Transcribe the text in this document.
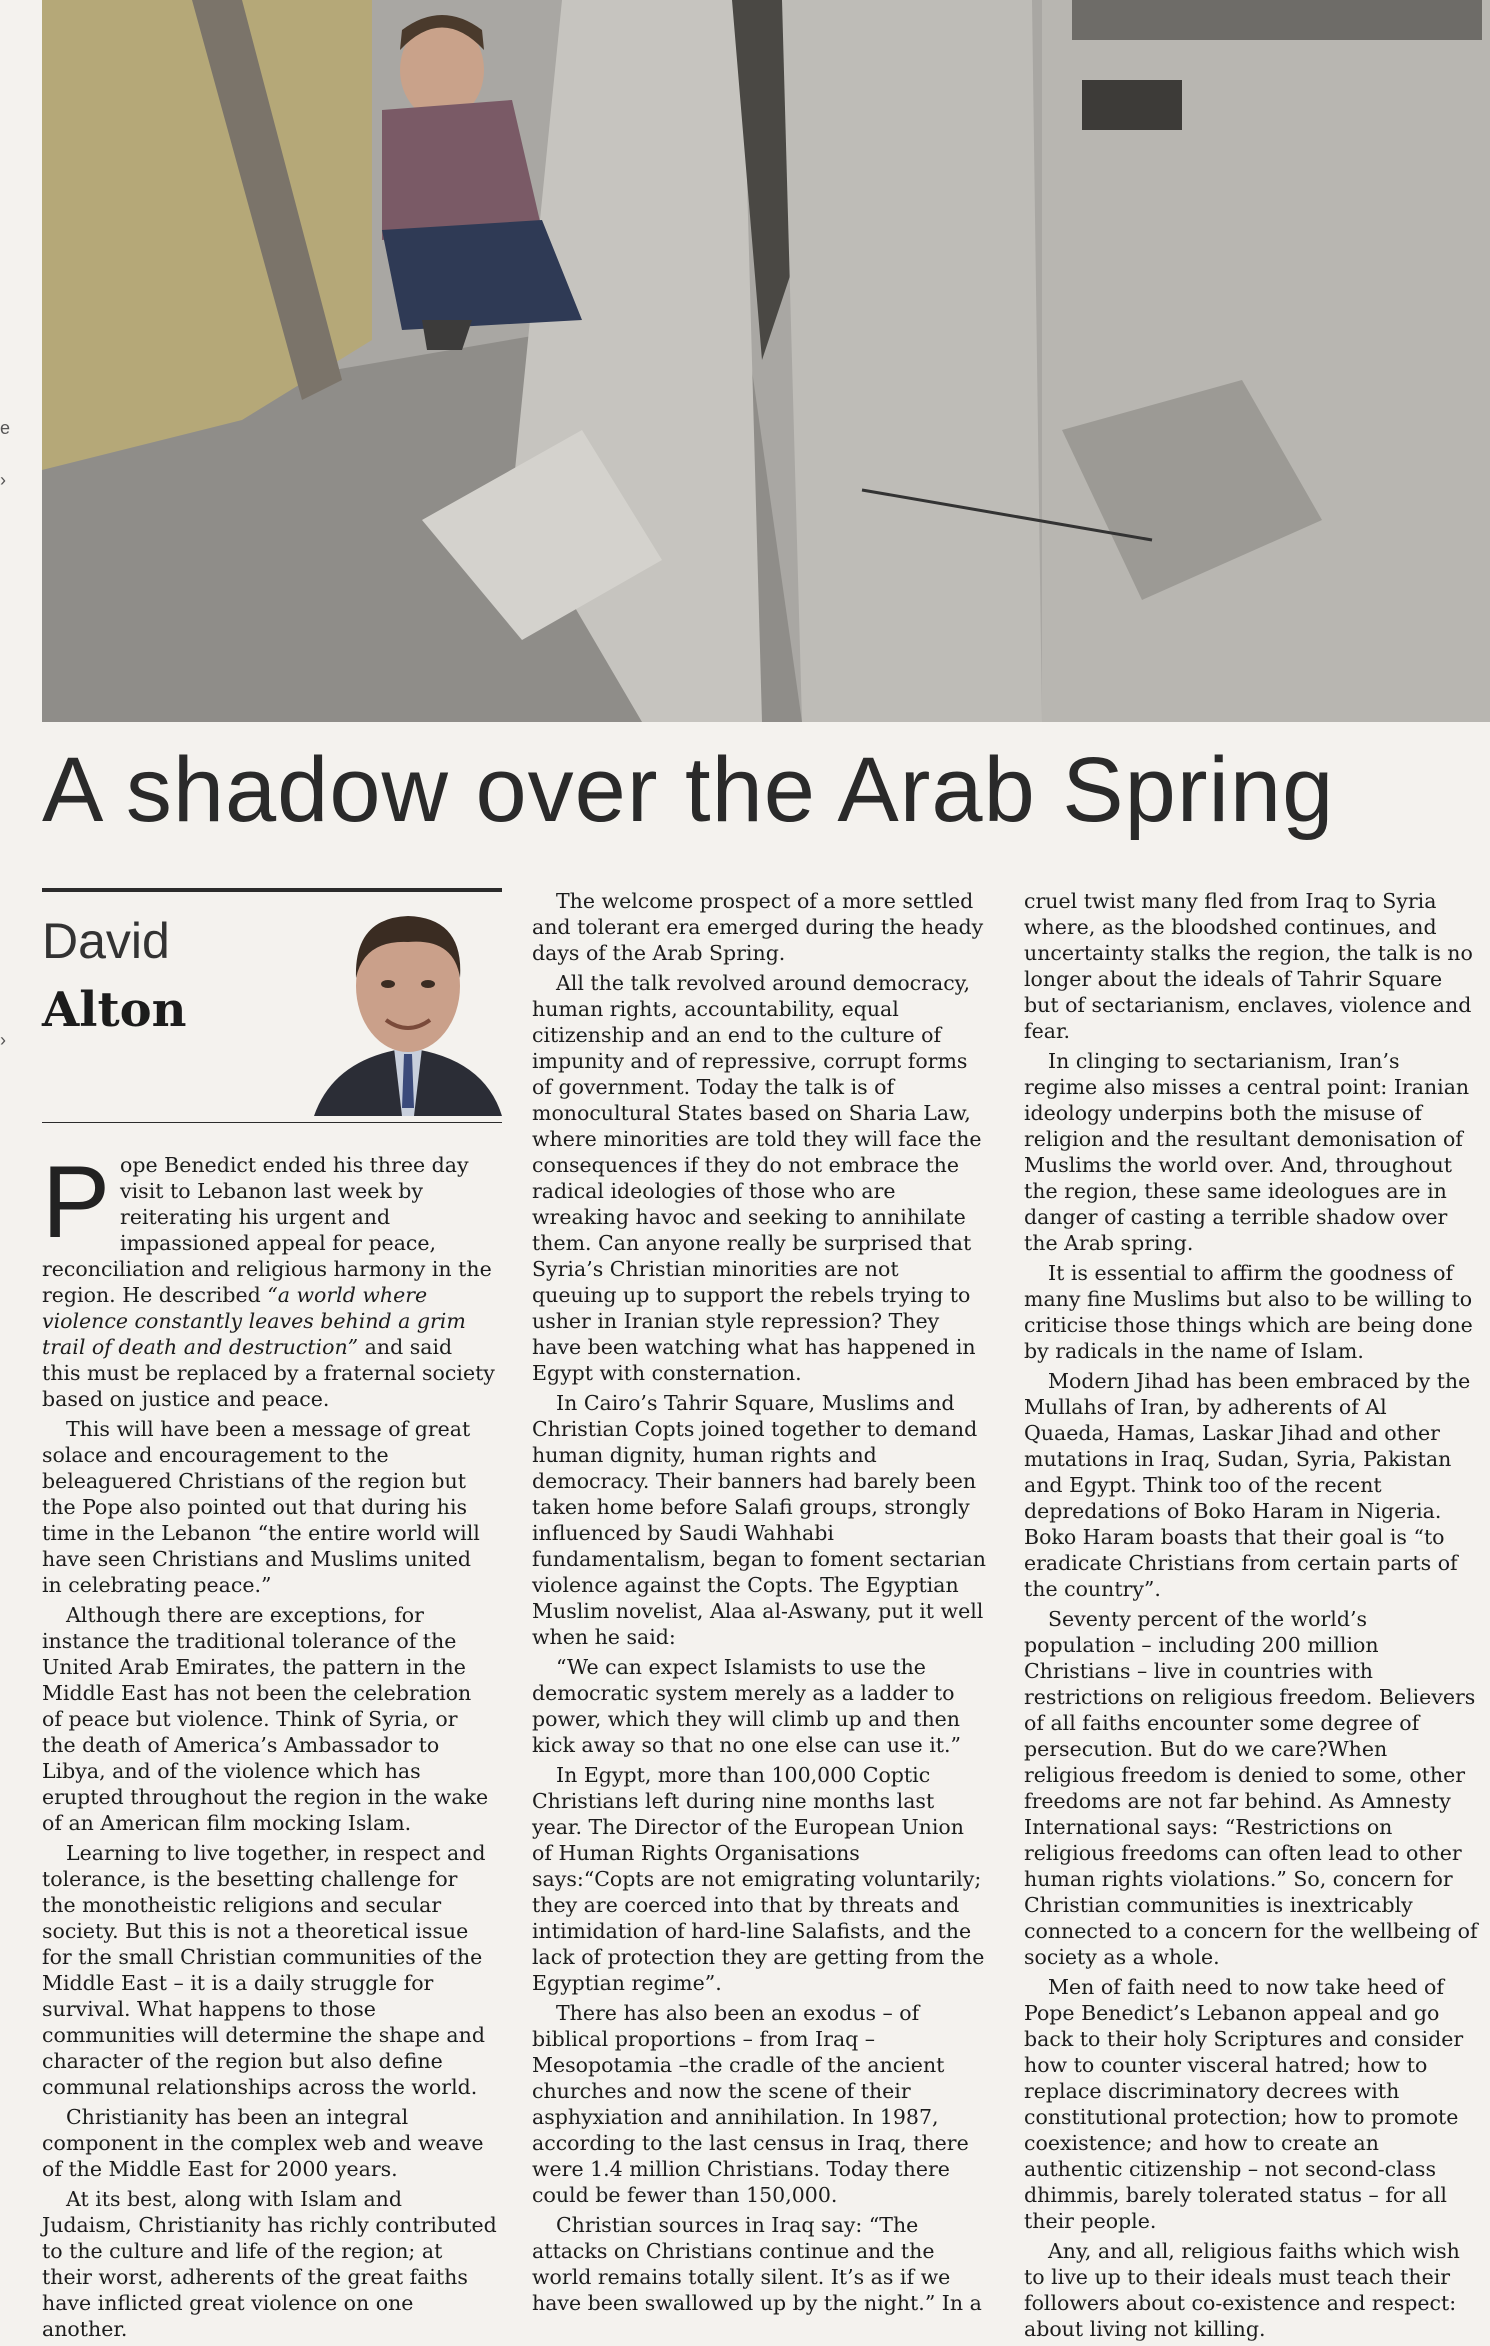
e
›
›
A shadow over the Arab Spring
David
Alton

Pope Benedict ended his three day visit to Lebanon last week by reiterating his urgent and impassioned appeal for peace, reconciliation and religious harmony in the region. He described “a world where violence constantly leaves behind a grim trail of death and destruction” and said this must be replaced by a fraternal society based on justice and peace.

This will have been a message of great solace and encouragement to the beleaguered Christians of the region but the Pope also pointed out that during his time in the Lebanon “the entire world will have seen Christians and Muslims united in celebrating peace.”

Although there are exceptions, for instance the traditional tolerance of the United Arab Emirates, the pattern in the Middle East has not been the celebration of peace but violence. Think of Syria, or the death of America’s Ambassador to Libya, and of the violence which has erupted throughout the region in the wake of an American film mocking Islam.

Learning to live together, in respect and tolerance, is the besetting challenge for the monotheistic religions and secular society. But this is not a theoretical issue for the small Christian communities of the Middle East – it is a daily struggle for survival. What happens to those communities will determine the shape and character of the region but also define communal relationships across the world.

Christianity has been an integral component in the complex web and weave of the Middle East for 2000 years.

At its best, along with Islam and Judaism, Christianity has richly contributed to the culture and life of the region; at their worst, adherents of the great faiths have inflicted great violence on one another.

The welcome prospect of a more settled and tolerant era emerged during the heady days of the Arab Spring.

All the talk revolved around democracy, human rights, accountability, equal citizenship and an end to the culture of impunity and of repressive, corrupt forms of government. Today the talk is of monocultural States based on Sharia Law, where minorities are told they will face the consequences if they do not embrace the radical ideologies of those who are wreaking havoc and seeking to annihilate them. Can anyone really be surprised that Syria’s Christian minorities are not queuing up to support the rebels trying to usher in Iranian style repression? They have been watching what has happened in Egypt with consternation.

In Cairo’s Tahrir Square, Muslims and Christian Copts joined together to demand human dignity, human rights and democracy. Their banners had barely been taken home before Salafi groups, strongly influenced by Saudi Wahhabi fundamentalism, began to foment sectarian violence against the Copts. The Egyptian Muslim novelist, Alaa al-Aswany, put it well when he said:

“We can expect Islamists to use the democratic system merely as a ladder to power, which they will climb up and then kick away so that no one else can use it.”

In Egypt, more than 100,000 Coptic Christians left during nine months last year. The Director of the European Union of Human Rights Organisations says:“Copts are not emigrating voluntarily; they are coerced into that by threats and intimidation of hard-line Salafists, and the lack of protection they are getting from the Egyptian regime”.

There has also been an exodus – of biblical proportions – from Iraq – Mesopotamia –the cradle of the ancient churches and now the scene of their asphyxiation and annihilation. In 1987, according to the last census in Iraq, there were 1.4 million Christians. Today there could be fewer than 150,000.

Christian sources in Iraq say: “The attacks on Christians continue and the world remains totally silent. It’s as if we have been swallowed up by the night.” In a

cruel twist many fled from Iraq to Syria where, as the bloodshed continues, and uncertainty stalks the region, the talk is no longer about the ideals of Tahrir Square but of sectarianism, enclaves, violence and fear.

In clinging to sectarianism, Iran’s regime also misses a central point: Iranian ideology underpins both the misuse of religion and the resultant demonisation of Muslims the world over. And, throughout the region, these same ideologues are in danger of casting a terrible shadow over the Arab spring.

It is essential to affirm the goodness of many fine Muslims but also to be willing to criticise those things which are being done by radicals in the name of Islam.

Modern Jihad has been embraced by the Mullahs of Iran, by adherents of Al Quaeda, Hamas, Laskar Jihad and other mutations in Iraq, Sudan, Syria, Pakistan and Egypt. Think too of the recent depredations of Boko Haram in Nigeria. Boko Haram boasts that their goal is “to eradicate Christians from certain parts of the country”.

Seventy percent of the world’s population – including 200 million Christians – live in countries with restrictions on religious freedom. Believers of all faiths encounter some degree of persecution. But do we care?When religious freedom is denied to some, other freedoms are not far behind. As Amnesty International says: “Restrictions on religious freedoms can often lead to other human rights violations.” So, concern for Christian communities is inextricably connected to a concern for the wellbeing of society as a whole.

Men of faith need to now take heed of Pope Benedict’s Lebanon appeal and go back to their holy Scriptures and consider how to counter visceral hatred; how to replace discriminatory decrees with constitutional protection; how to promote coexistence; and how to create an authentic citizenship – not second-class dhimmis, barely tolerated status – for all their people.

Any, and all, religious faiths which wish to live up to their ideals must teach their followers about co-existence and respect: about living not killing.
